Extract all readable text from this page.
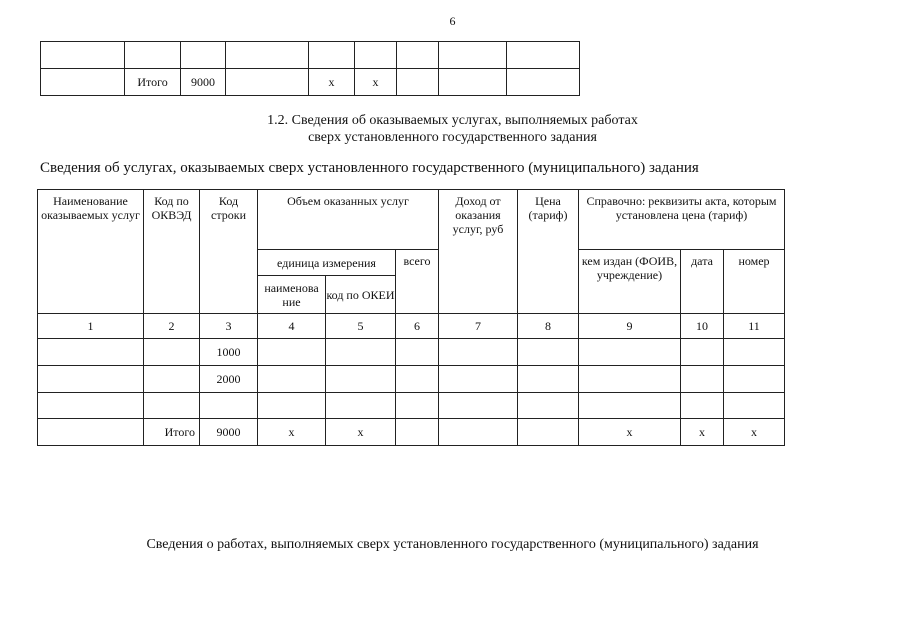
6

	Итого	9000		х	х			
1.2. Сведения об оказываемых услугах, выполняемых работах
сверх установленного государственного задания
Сведения об услугах, оказываемых сверх установленного государственного (муниципального) задания
Наименование оказываемых услуг	Код по ОКВЭД	Код строки	Объем оказанных услуг			Доход от оказания услуг, руб	Цена (тариф)	Справочно: реквизиты акта, которым установлена цена (тариф)		
			единица измерения		всего			кем издан (ФОИВ, учреждение)	дата	номер
			наименова ние	код по ОКЕИ						
1	2	3	4	5	6	7	8	9	10	11
		1000								
		2000								

	Итого	9000	х	х				х	х	х
Сведения о работах, выполняемых сверх установленного государственного (муниципального) задания
